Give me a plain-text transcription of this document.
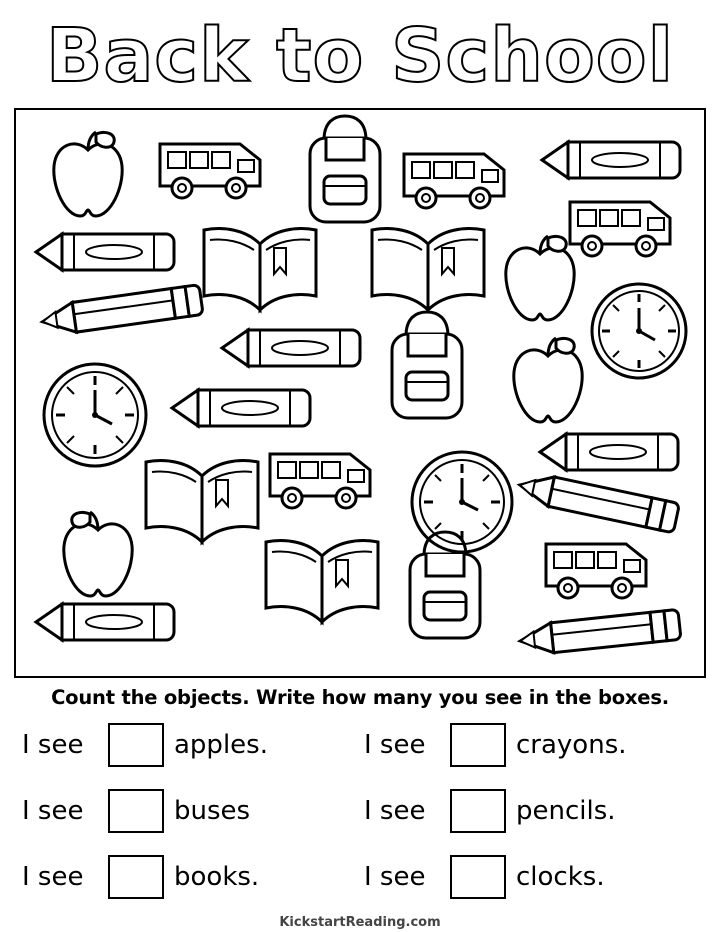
Back to School
Count the objects. Write how many you see in the boxes.
I see	apples.	I see	crayons.
I see	buses	I see	pencils.
I see	books.	I see	clocks.
KickstartReading.com
